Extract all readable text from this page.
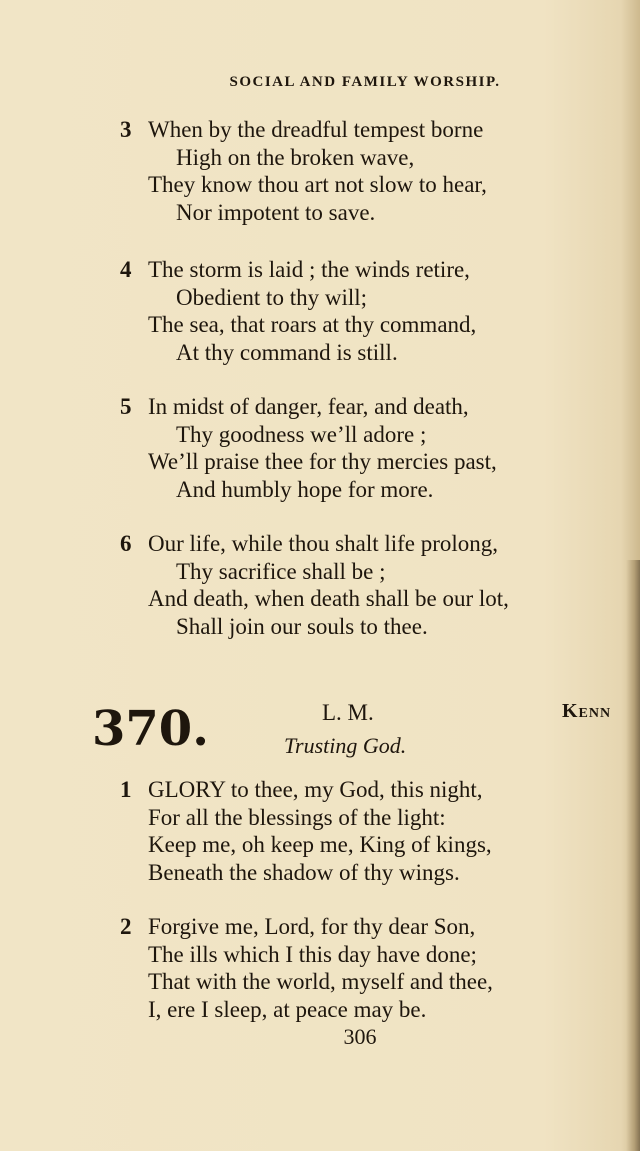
SOCIAL AND FAMILY WORSHIP.
3 When by the dreadful tempest borne
High on the broken wave,
They know thou art not slow to hear,
Nor impotent to save.
4 The storm is laid ; the winds retire,
Obedient to thy will;
The sea, that roars at thy command,
At thy command is still.
5 In midst of danger, fear, and death,
Thy goodness we’ll adore ;
We’ll praise thee for thy mercies past,
And humbly hope for more.
6 Our life, while thou shalt life prolong,
Thy sacrifice shall be ;
And death, when death shall be our lot,
Shall join our souls to thee.
370.	L. M.	Kenn
Trusting God.
1 GLORY to thee, my God, this night,
For all the blessings of the light:
Keep me, oh keep me, King of kings,
Beneath the shadow of thy wings.
2 Forgive me, Lord, for thy dear Son,
The ills which I this day have done;
That with the world, myself and thee,
I, ere I sleep, at peace may be.
306
